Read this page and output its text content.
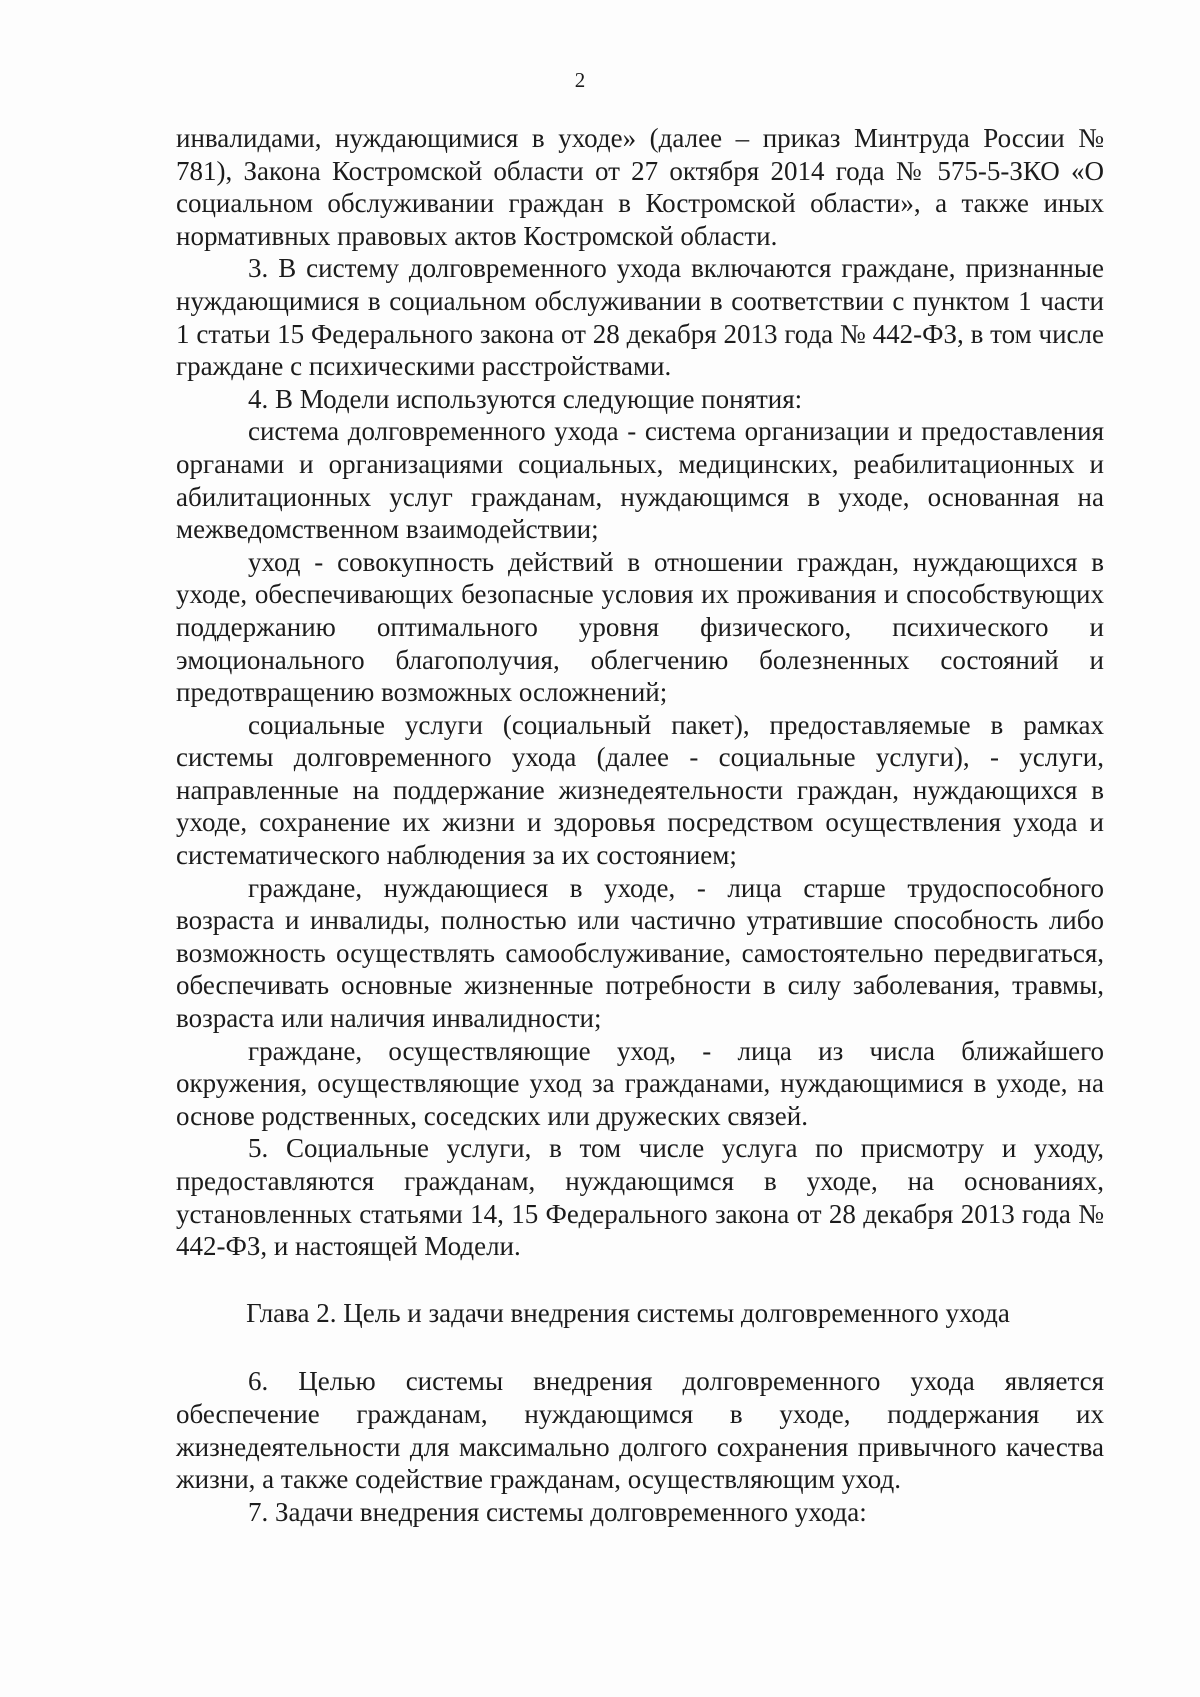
2

инвалидами, нуждающимися в уходе» (далее – приказ Минтруда России № 781), Закона Костромской области от 27 октября 2014 года № 575-5-ЗКО «О социальном обслуживании граждан в Костромской области», а также иных нормативных правовых актов Костромской области.

3. В систему долговременного ухода включаются граждане, признанные нуждающимися в социальном обслуживании в соответствии с пунктом 1 части 1 статьи 15 Федерального закона от 28 декабря 2013 года № 442-ФЗ, в том числе граждане с психическими расстройствами.

4. В Модели используются следующие понятия:

система долговременного ухода - система организации и предоставления органами и организациями социальных, медицинских, реабилитационных и абилитационных услуг гражданам, нуждающимся в уходе, основанная на межведомственном взаимодействии;

уход - совокупность действий в отношении граждан, нуждающихся в уходе, обеспечивающих безопасные условия их проживания и способствующих поддержанию оптимального уровня физического, психического и эмоционального благополучия, облегчению болезненных состояний и предотвращению возможных осложнений;

социальные услуги (социальный пакет), предоставляемые в рамках системы долговременного ухода (далее - социальные услуги), - услуги, направленные на поддержание жизнедеятельности граждан, нуждающихся в уходе, сохранение их жизни и здоровья посредством осуществления ухода и систематического наблюдения за их состоянием;

граждане, нуждающиеся в уходе, - лица старше трудоспособного возраста и инвалиды, полностью или частично утратившие способность либо возможность осуществлять самообслуживание, самостоятельно передвигаться, обеспечивать основные жизненные потребности в силу заболевания, травмы, возраста или наличия инвалидности;

граждане, осуществляющие уход, - лица из числа ближайшего окружения, осуществляющие уход за гражданами, нуждающимися в уходе, на основе родственных, соседских или дружеских связей.

5. Социальные услуги, в том числе услуга по присмотру и уходу, предоставляются гражданам, нуждающимся в уходе, на основаниях, установленных статьями 14, 15 Федерального закона от 28 декабря 2013 года № 442-ФЗ, и настоящей Модели.

Глава 2. Цель и задачи внедрения системы долговременного ухода

6. Целью системы внедрения долговременного ухода является обеспечение гражданам, нуждающимся в уходе, поддержания их жизнедеятельности для максимально долгого сохранения привычного качества жизни, а также содействие гражданам, осуществляющим уход.

7. Задачи внедрения системы долговременного ухода:
